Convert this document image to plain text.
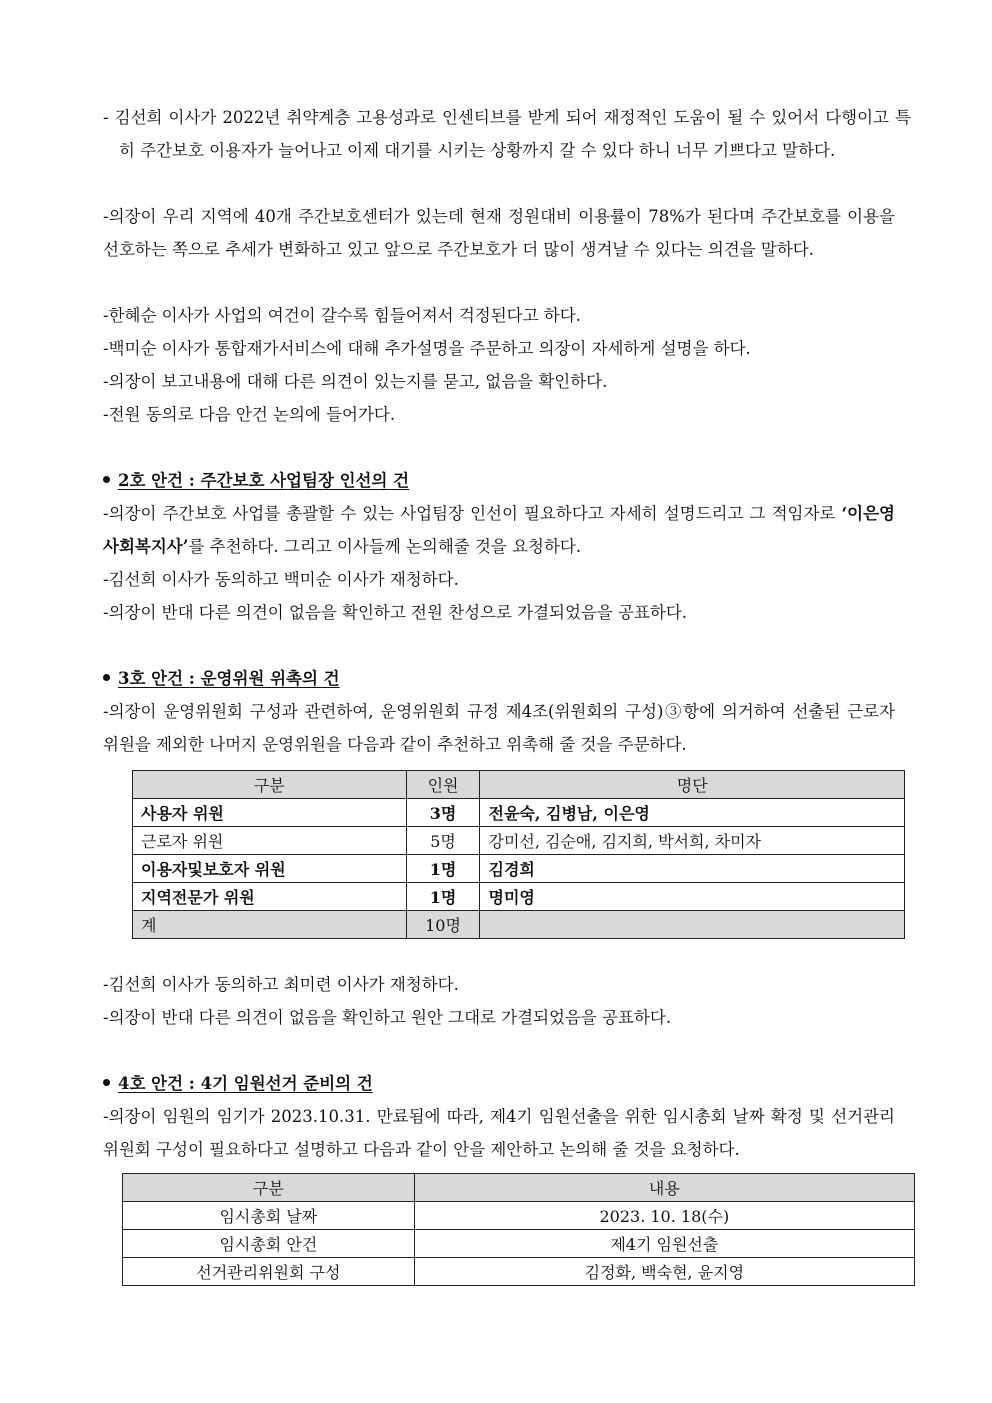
- 김선희 이사가 2022년 취약계층 고용성과로 인센티브를 받게 되어 재정적인 도움이 될 수 있어서 다행이고 특히 주간보호 이용자가 늘어나고 이제 대기를 시키는 상황까지 갈 수 있다 하니 너무 기쁘다고 말하다.
-의장이 우리 지역에 40개 주간보호센터가 있는데 현재 정원대비 이용률이 78%가 된다며 주간보호를 이용을 선호하는 쪽으로 추세가 변화하고 있고 앞으로 주간보호가 더 많이 생겨날 수 있다는 의견을 말하다.
-한혜순 이사가 사업의 여건이 갈수록 힘들어져서 걱정된다고 하다.
-백미순 이사가 통합재가서비스에 대해 추가설명을 주문하고 의장이 자세하게 설명을 하다.
-의장이 보고내용에 대해 다른 의견이 있는지를 묻고, 없음을 확인하다.
-전원 동의로 다음 안건 논의에 들어가다.
2호 안건 : 주간보호 사업팀장 인선의 건
-의장이 주간보호 사업를 총괄할 수 있는 사업팀장 인선이 필요하다고 자세히 설명드리고 그 적임자로 ‘이은영 사회복지사’를 추천하다. 그리고 이사들께 논의해줄 것을 요청하다.
-김선희 이사가 동의하고 백미순 이사가 재청하다.
-의장이 반대 다른 의견이 없음을 확인하고 전원 찬성으로 가결되었음을 공표하다.
3호 안건 : 운영위원 위촉의 건
-의장이 운영위원회 구성과 관련하여, 운영위원회 규정 제4조(위원회의 구성)③항에 의거하여 선출된 근로자 위원을 제외한 나머지 운영위원을 다음과 같이 추천하고 위촉해 줄 것을 주문하다.
구분	인원	명단
사용자 위원	3명	전윤숙, 김병남, 이은영
근로자 위원	5명	강미선, 김순애, 김지희, 박서희, 차미자
이용자및보호자 위원	1명	김경희
지역전문가 위원	1명	명미영
계	10명	
-김선희 이사가 동의하고 최미련 이사가 재청하다.
-의장이 반대 다른 의견이 없음을 확인하고 원안 그대로 가결되었음을 공표하다.
4호 안건 : 4기 임원선거 준비의 건
-의장이 임원의 임기가 2023.10.31. 만료됨에 따라, 제4기 임원선출을 위한 임시총회 날짜 확정 및 선거관리위원회 구성이 필요하다고 설명하고 다음과 같이 안을 제안하고 논의해 줄 것을 요청하다.
구분	내용
임시총회 날짜	2023. 10. 18(수)
임시총회 안건	제4기 임원선출
선거관리위원회 구성	김정화, 백숙현, 윤지영
